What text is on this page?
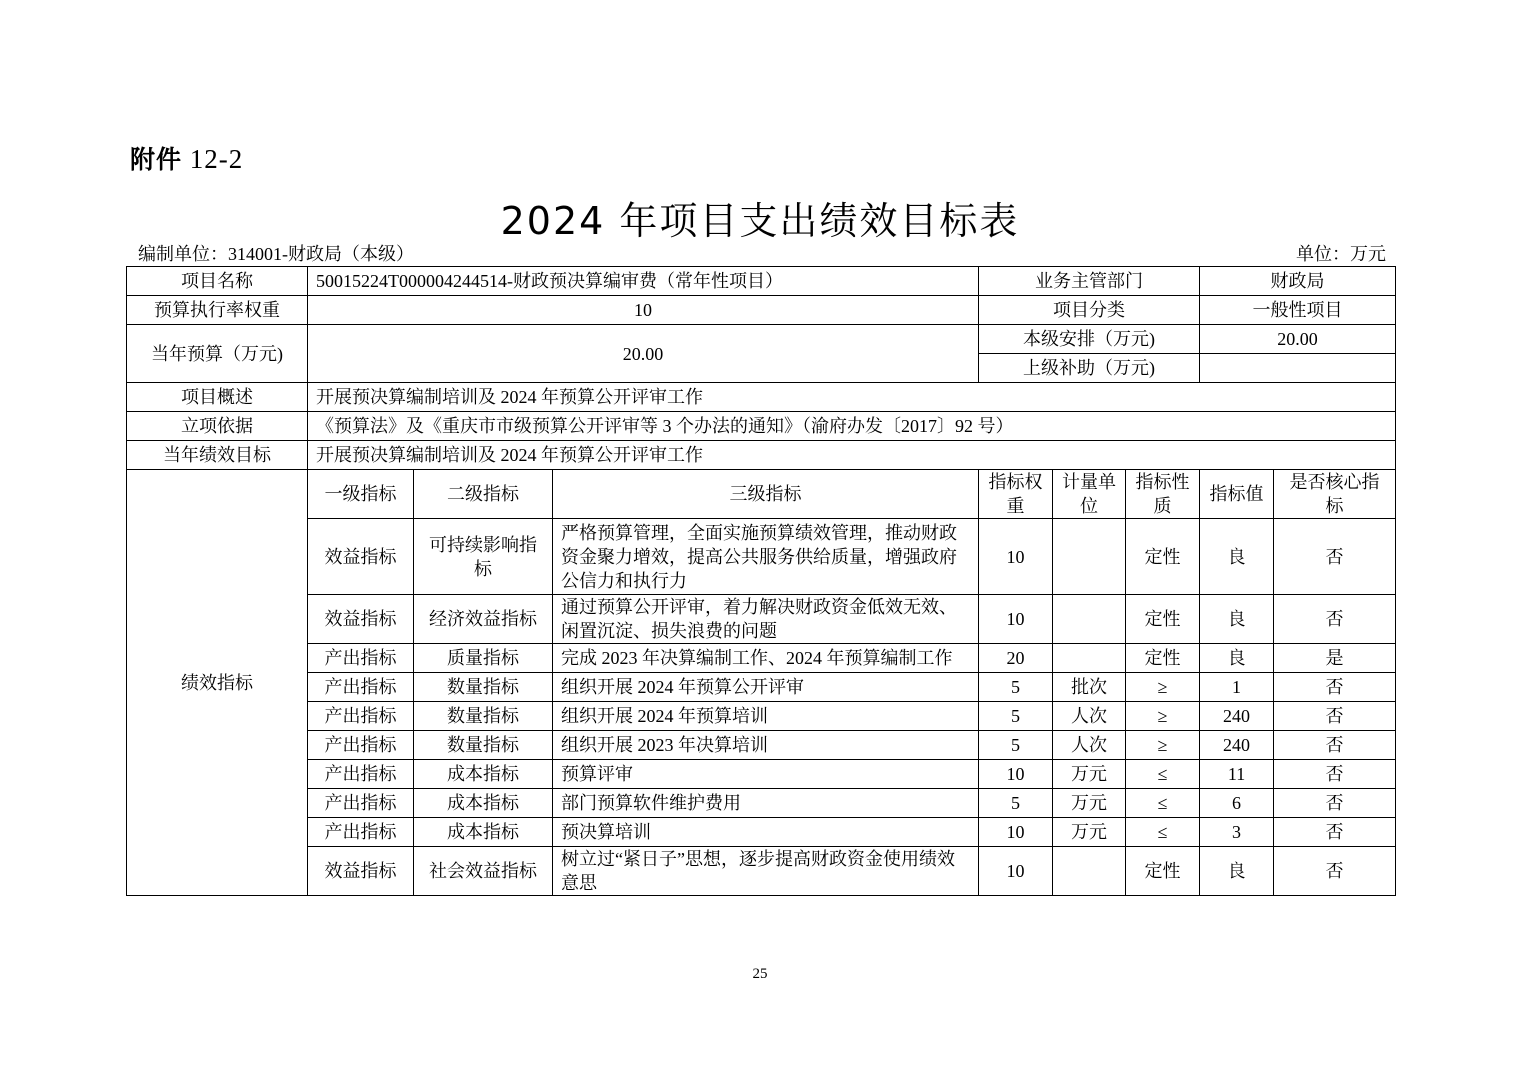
附件 12-2
2024 年项目支出绩效目标表
编制单位：314001-财政局（本级）	单位：万元
项目名称	50015224T000004244514-财政预决算编审费（常年性项目）			业务主管部门			财政局	
预算执行率权重	10			项目分类			一般性项目	
当年预算（万元)	20.00			本级安排（万元)			20.00	
				上级补助（万元)				
项目概述	开展预决算编制培训及 2024 年预算公开评审工作							
立项依据	《预算法》及《重庆市市级预算公开评审等 3 个办法的通知》（渝府办发〔2017〕92 号）							
当年绩效目标	开展预决算编制培训及 2024 年预算公开评审工作							
绩效指标	一级指标	二级指标	三级指标	指标权重	计量单位	指标性质	指标值	是否核心指标
	效益指标	可持续影响指标	严格预算管理，全面实施预算绩效管理，推动财政资金聚力增效，提高公共服务供给质量，增强政府公信力和执行力	10		定性	良	否
	效益指标	经济效益指标	通过预算公开评审，着力解决财政资金低效无效、闲置沉淀、损失浪费的问题	10		定性	良	否
	产出指标	质量指标	完成 2023 年决算编制工作、2024 年预算编制工作	20		定性	良	是
	产出指标	数量指标	组织开展 2024 年预算公开评审	5	批次	≥	1	否
	产出指标	数量指标	组织开展 2024 年预算培训	5	人次	≥	240	否
	产出指标	数量指标	组织开展 2023 年决算培训	5	人次	≥	240	否
	产出指标	成本指标	预算评审	10	万元	≤	11	否
	产出指标	成本指标	部门预算软件维护费用	5	万元	≤	6	否
	产出指标	成本指标	预决算培训	10	万元	≤	3	否
	效益指标	社会效益指标	树立过“紧日子”思想，逐步提高财政资金使用绩效意思	10		定性	良	否
25
